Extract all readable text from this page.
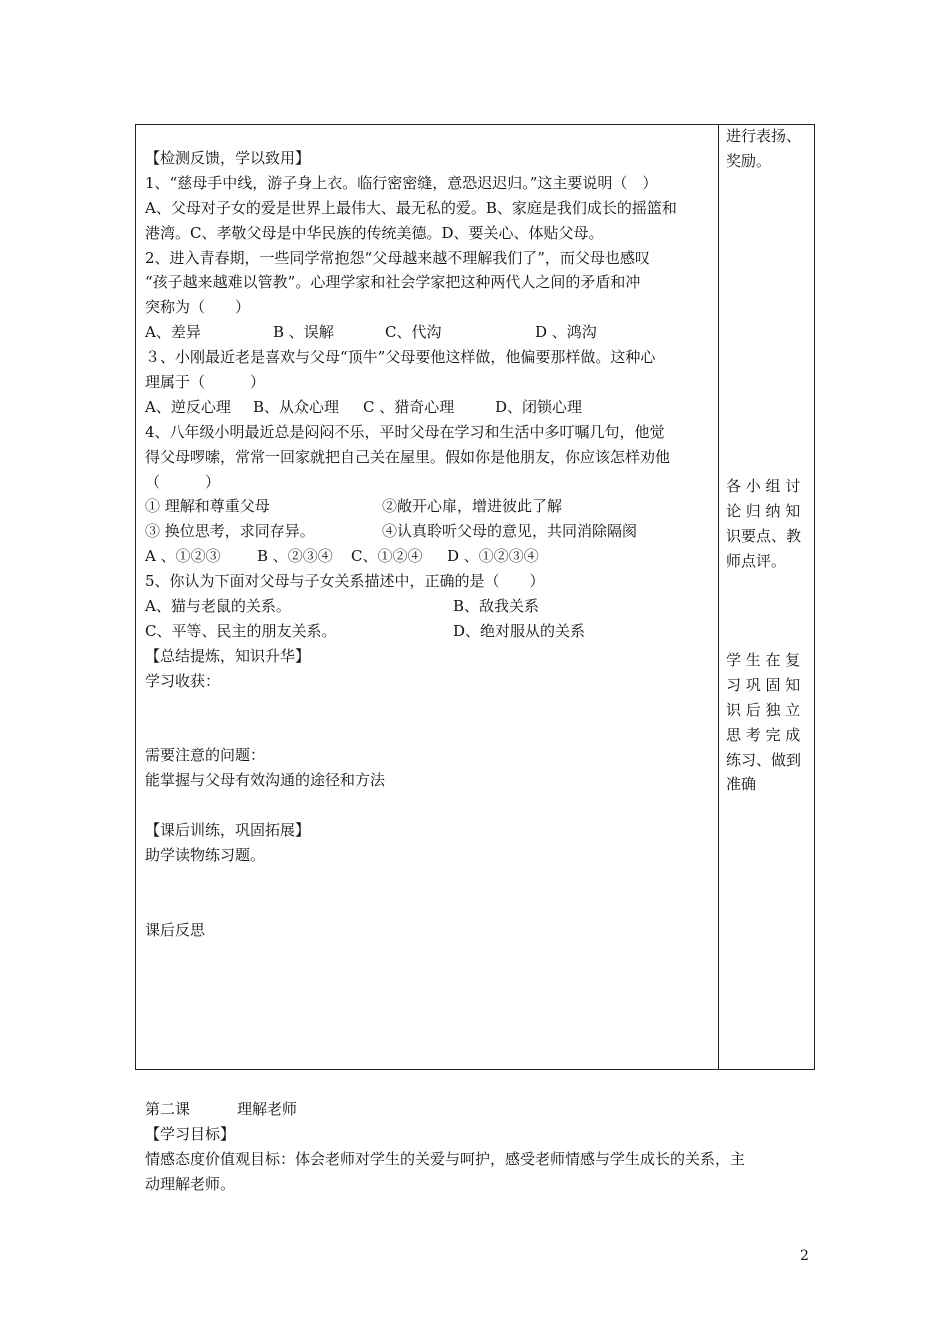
【检测反馈，学以致用】
1、“慈母手中线，游子身上衣。临行密密缝，意恐迟迟归。”这主要说明（　）
A、父母对子女的爱是世界上最伟大、最无私的爱。B、家庭是我们成长的摇篮和
港湾。C、孝敬父母是中华民族的传统美德。D、要关心、体贴父母。
2、进入青春期，一些同学常抱怨“父母越来越不理解我们了”，而父母也感叹
“孩子越来越难以管教”。心理学家和社会学家把这种两代人之间的矛盾和冲
突称为（　　）
A、差异	B 、误解	C、代沟	D 、鸿沟
３、小刚最近老是喜欢与父母“顶牛”父母要他这样做，他偏要那样做。这种心
理属于（　　　）
A、逆反心理	B、从众心理	C 、猎奇心理	D、闭锁心理
4、八年级小明最近总是闷闷不乐，平时父母在学习和生活中多叮嘱几句，他觉
得父母啰嗦，常常一回家就把自己关在屋里。假如你是他朋友，你应该怎样劝他
（　　　）
① 理解和尊重父母	②敞开心扉，增进彼此了解
③ 换位思考，求同存异。	④认真聆听父母的意见，共同消除隔阂
A 、①②③	B 、②③④	C、①②④	D 、①②③④
5、你认为下面对父母与子女关系描述中，正确的是（　　）
A、猫与老鼠的关系。	B、敌我关系
C、平等、民主的朋友关系。	D、绝对服从的关系
【总结提炼，知识升华】
学习收获：
需要注意的问题：
能掌握与父母有效沟通的途径和方法
【课后训练，巩固拓展】
助学读物练习题。
课后反思
进行表扬、
奖励。
各 小 组 讨
论 归 纳 知
识要点、教
师点评。
学 生 在 复
习 巩 固 知
识 后 独 立
思 考 完 成
练习、做到
准确
第二课	理解老师
【学习目标】
情感态度价值观目标：体会老师对学生的关爱与呵护，感受老师情感与学生成长的关系，主
动理解老师。
2
